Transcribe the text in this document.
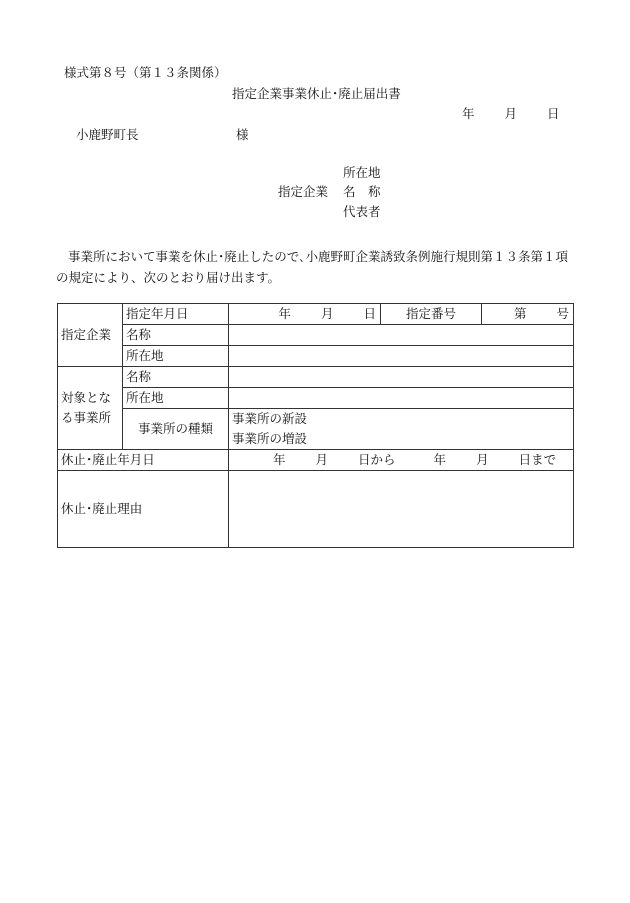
様式第８号（第１３条関係）
指定企業事業休止･廃止届出書
年 月 日
小鹿野町長	様
所在地
指定企業 名　称
代表者
事業所において事業を休止･廃止したので､小鹿野町企業誘致条例施行規則第１３条第１項の規定により、次のとおり届け出ます。
指定企業	指定年月日	年 月 日	指定番号	第 号
	名称			
	所在地			

対象とな
る事業所	名称			
	所在地			
	事業所の種類	事業所の新設
事業所の増設		

休止･廃止年月日		年 月 日から 年 月 日まで		
休止･廃止理由				
